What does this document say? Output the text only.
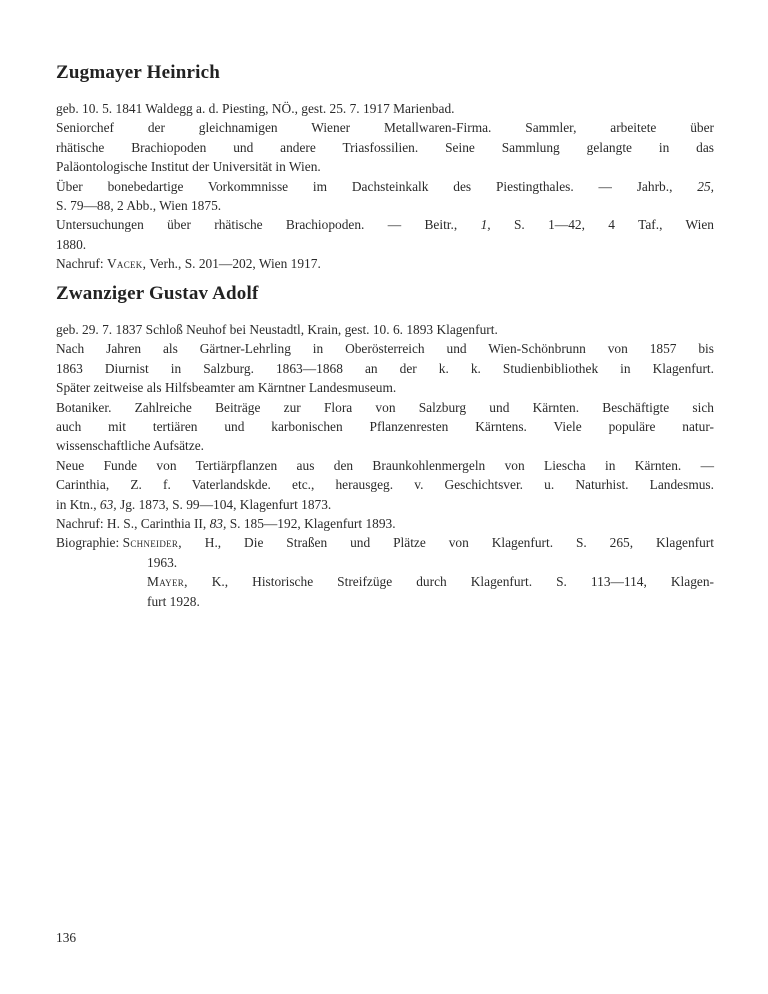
Zugmayer Heinrich
geb. 10. 5. 1841 Waldegg a. d. Piesting, NÖ., gest. 25. 7. 1917 Marienbad.
Seniorchef der gleichnamigen Wiener Metallwaren-Firma. Sammler, arbeitete über
rhätische Brachiopoden und andere Triasfossilien. Seine Sammlung gelangte in das
Paläontologische Institut der Universität in Wien.
Über bonebedartige Vorkommnisse im Dachsteinkalk des Piestingthales. — Jahrb., 25,
S. 79—88, 2 Abb., Wien 1875.
Untersuchungen über rhätische Brachiopoden. — Beitr., 1, S. 1—42, 4 Taf., Wien
1880.
Nachruf: Vacek, Verh., S. 201—202, Wien 1917.
Zwanziger Gustav Adolf
geb. 29. 7. 1837 Schloß Neuhof bei Neustadtl, Krain, gest. 10. 6. 1893 Klagenfurt.
Nach Jahren als Gärtner-Lehrling in Oberösterreich und Wien-Schönbrunn von 1857 bis
1863 Diurnist in Salzburg. 1863—1868 an der k. k. Studienbibliothek in Klagenfurt.
Später zeitweise als Hilfsbeamter am Kärntner Landesmuseum.
Botaniker. Zahlreiche Beiträge zur Flora von Salzburg und Kärnten. Beschäftigte sich
auch mit tertiären und karbonischen Pflanzenresten Kärntens. Viele populäre natur-
wissenschaftliche Aufsätze.
Neue Funde von Tertiärpflanzen aus den Braunkohlenmergeln von Liescha in Kärnten. —
Carinthia, Z. f. Vaterlandskde. etc., herausgeg. v. Geschichtsver. u. Naturhist. Landesmus.
in Ktn., 63, Jg. 1873, S. 99—104, Klagenfurt 1873.
Nachruf: H. S., Carinthia II, 83, S. 185—192, Klagenfurt 1893.
Biographie: Schneider, H., Die Straßen und Plätze von Klagenfurt. S. 265, Klagenfurt
1963.
Mayer, K., Historische Streifzüge durch Klagenfurt. S. 113—114, Klagen-
furt 1928.

136
